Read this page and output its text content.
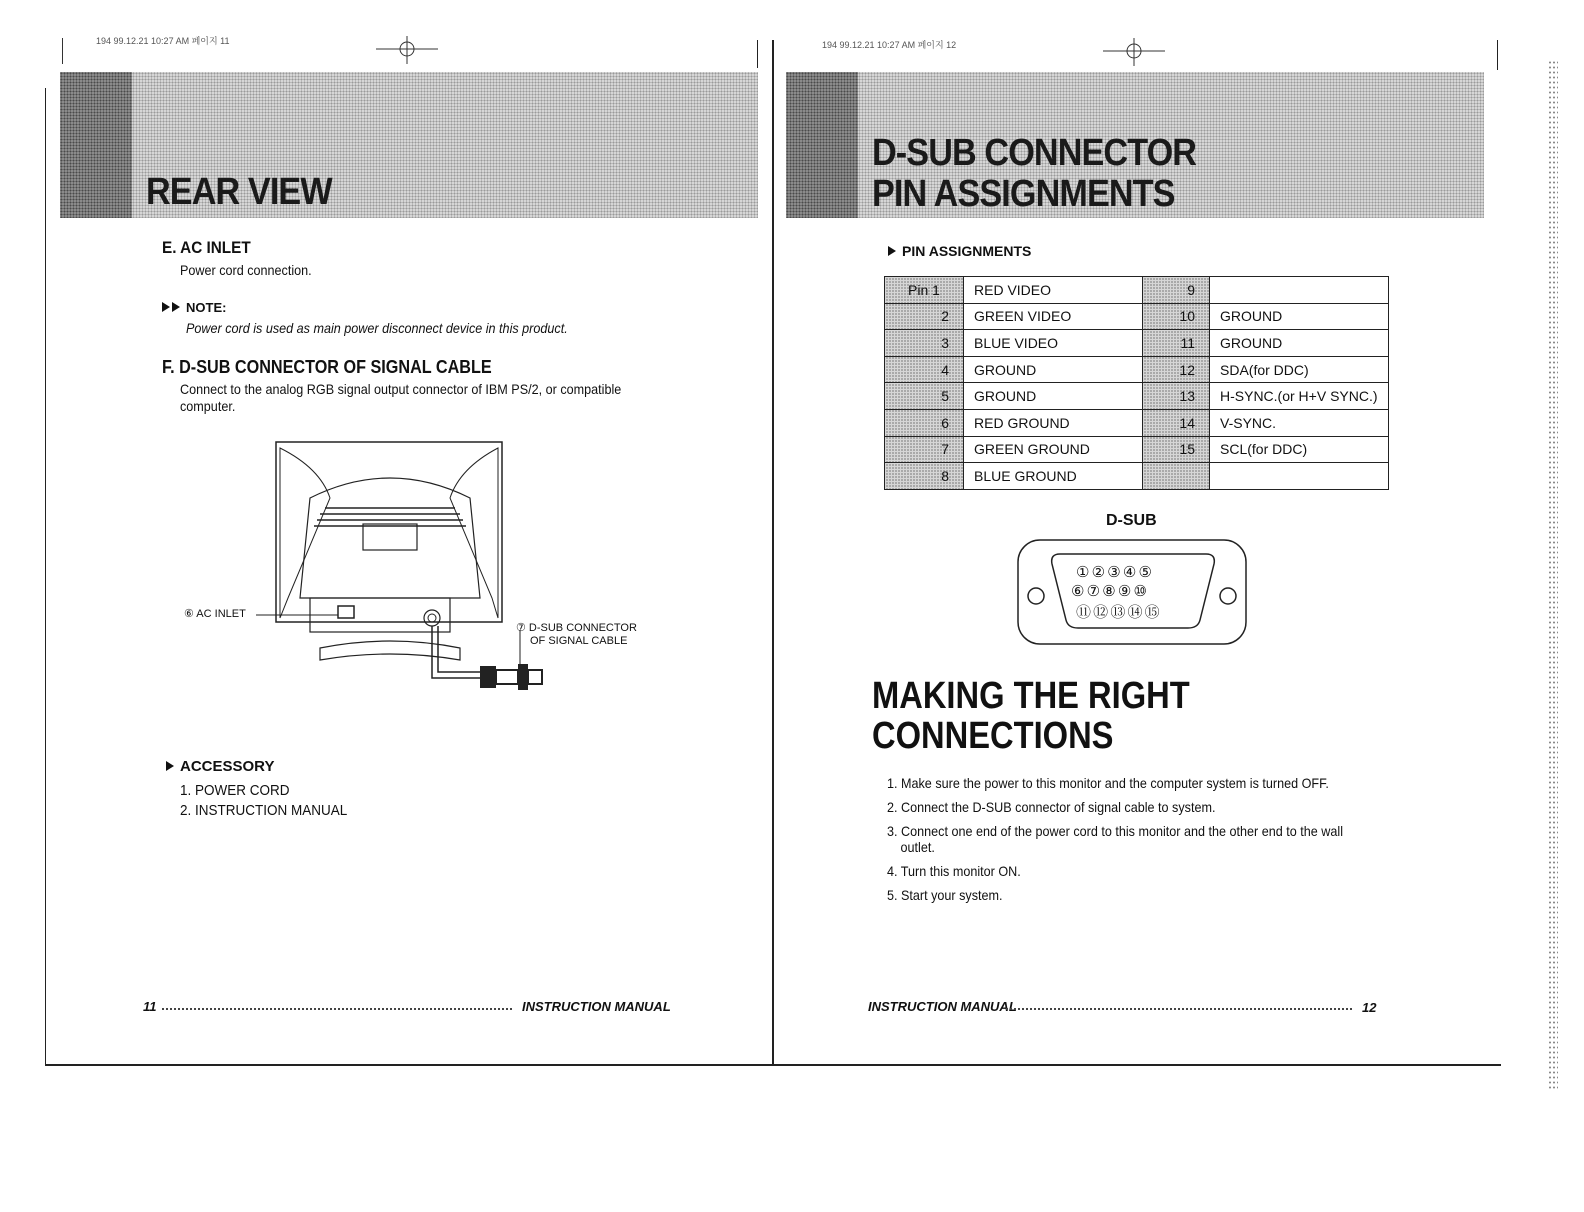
194 99.12.21 10:27 AM 페이지 11	194 99.12.21 10:27 AM 페이지 12
REAR VIEW
E. AC INLET
Power cord connection.
NOTE:
Power cord is used as main power disconnect device in this product.
F. D-SUB CONNECTOR OF SIGNAL CABLE
Connect to the analog RGB signal output connector of IBM PS/2, or compatible
computer.
⑥ AC INLET
⑦ D-SUB CONNECTOR
OF SIGNAL CABLE
ACCESSORY
1. POWER CORD
2. INSTRUCTION MANUAL
11	INSTRUCTION MANUAL
D-SUB CONNECTOR
PIN ASSIGNMENTS
PIN ASSIGNMENTS
Pin 1	RED VIDEO	9	
2	GREEN VIDEO	10	GROUND
3	BLUE VIDEO	11	GROUND
4	GROUND	12	SDA(for DDC)
5	GROUND	13	H-SYNC.(or H+V SYNC.)
6	RED GROUND	14	V-SYNC.
7	GREEN GROUND	15	SCL(for DDC)
8	BLUE GROUND		
D-SUB
① ② ③ ④ ⑤
⑥ ⑦ ⑧ ⑨ ⑩
⑪ ⑫ ⑬ ⑭ ⑮
MAKING THE RIGHT
CONNECTIONS
1. Make sure the power to this monitor and the computer system is turned OFF.
2. Connect the D-SUB connector of signal cable to system.
3. Connect one end of the power cord to this monitor and the other end to the wall
outlet.
4. Turn this monitor ON.
5. Start your system.
INSTRUCTION MANUAL	12
